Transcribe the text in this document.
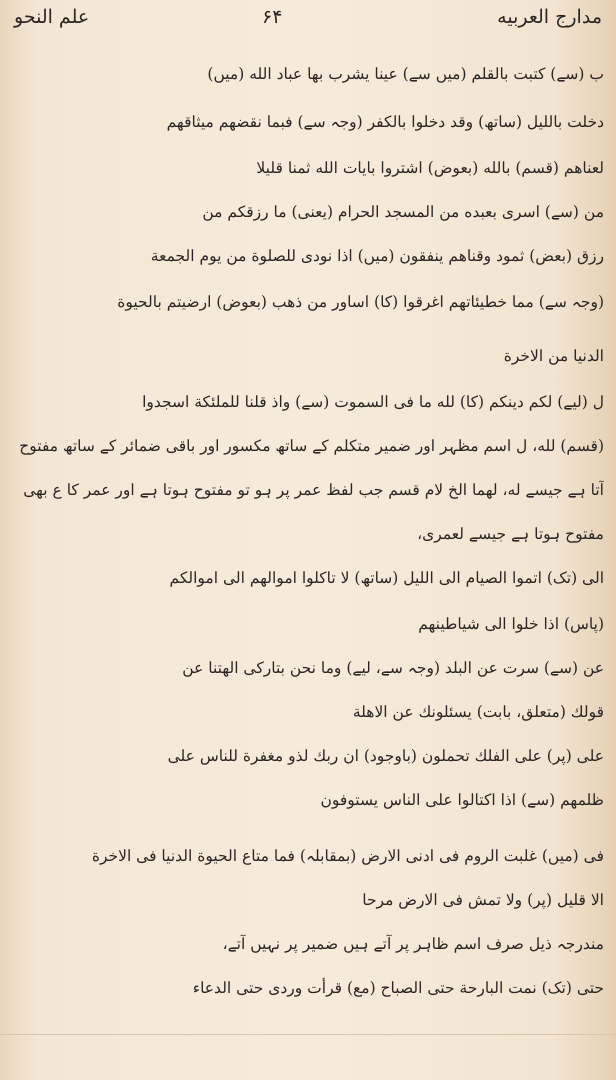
مدارج العربيه
۶۴
علم النحو
ب (سے) كتبت بالقلم (میں سے) عينا يشرب بها عباد الله (میں)
دخلت بالليل (ساتھ) وقد دخلوا بالكفر (وجہ سے) فبما نقضهم ميثاقهم
لعناهم (قسم) بالله (بعوض) اشتروا بايات الله ثمنا قليلا
من (سے) اسرى بعبده من المسجد الحرام (یعنی) ما رزقكم من
رزق (بعض) ثمود وقناهم ينفقون (میں) اذا نودى للصلوة من يوم الجمعة
(وجہ سے) مما خطيئاتهم اغرقوا (کا) اساور من ذهب (بعوض) ارضيتم بالحيوة
الدنيا من الاخرة
ل (لیے) لكم دينكم (کا) لله ما فى السموت (سے) واذ قلنا للملئكة اسجدوا
(قسم) لله، ل اسم مظہر اور ضمیر متکلم کے ساتھ مکسور اور باقی ضمائر کے ساتھ مفتوح
آتا ہے جیسے له، لهما الخ لام قسم جب لفظ عمر پر ہو تو مفتوح ہوتا ہے اور عمر کا ع بھی
مفتوح ہوتا ہے جیسے لعمری،
الى (تک) اتموا الصيام الى الليل (ساتھ) لا تاكلوا اموالهم الى اموالكم
(پاس) اذا خلوا الى شياطينهم
عن (سے) سرت عن البلد (وجہ سے، لیے) وما نحن بتاركى الهتنا عن
قولك (متعلق، بابت) يسئلونك عن الاهلة
على (پر) على الفلك تحملون (باوجود) ان ربك لذو مغفرة للناس على
ظلمهم (سے) اذا اكتالوا على الناس يستوفون
فى (میں) غلبت الروم فى ادنى الارض (بمقابلہ) فما متاع الحيوة الدنيا فى الاخرة
الا قليل (پر) ولا تمش فى الارض مرحا
مندرجہ ذیل صرف اسم ظاہر پر آتے ہیں ضمیر پر نہیں آتے،
حتى (تک) نمت البارحة حتى الصباح (مع) قرأت وردى حتى الدعاء
